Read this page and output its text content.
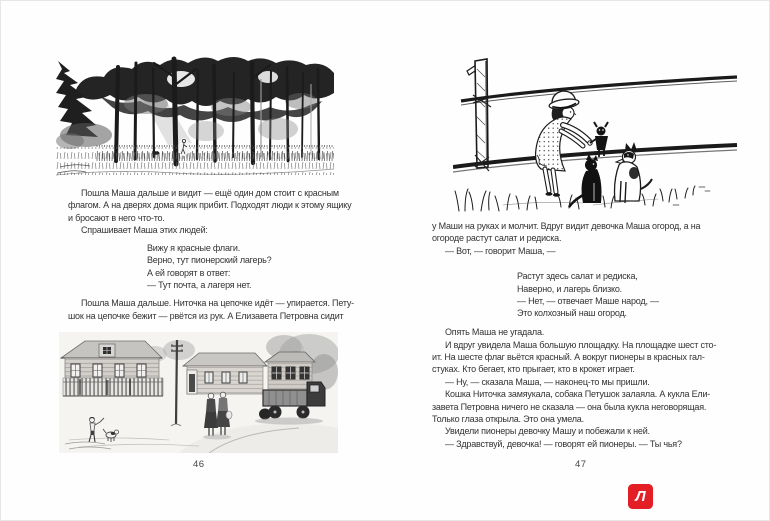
Пошла Маша дальше и видит — ещё один дом стоит с красным
флагом. А на дверях дома ящик прибит. Подходят люди к этому ящику
и бросают в него что-то.
Спрашивает Маша этих людей:
Вижу я красные флаги.
Верно, тут пионерский лагерь?
А ей говорят в ответ:
— Тут почта, а лагеря нет.
Пошла Маша дальше. Ниточка на цепочке идёт — упирается. Пету-
шок на цепочке бежит — рвётся из рук. А Елизавета Петровна сидит
46
у Маши на руках и молчит. Вдруг видит девочка Маша огород, а на
огороде растут салат и редиска.
— Вот, — говорит Маша, —
Растут здесь салат и редиска,
Наверно, и лагерь близко.
— Нет, — отвечает Маше народ, —
Это колхозный наш огород.
Опять Маша не угадала.
И вдруг увидела Маша большую площадку. На площадке шест сто-
ит. На шесте флаг вьётся красный. А вокруг пионеры в красных гал-
стуках. Кто бегает, кто прыгает, кто в крокет играет.
— Ну, — сказала Маша, — наконец-то мы пришли.
Кошка Ниточка замяукала, собака Петушок залаяла. А кукла Ели-
завета Петровна ничего не сказала — она была кукла неговорящая.
Только глаза открыла. Это она умела.
Увидели пионеры девочку Машу и побежали к ней.
— Здравствуй, девочка! — говорят ей пионеры. — Ты чья?
47
Л
